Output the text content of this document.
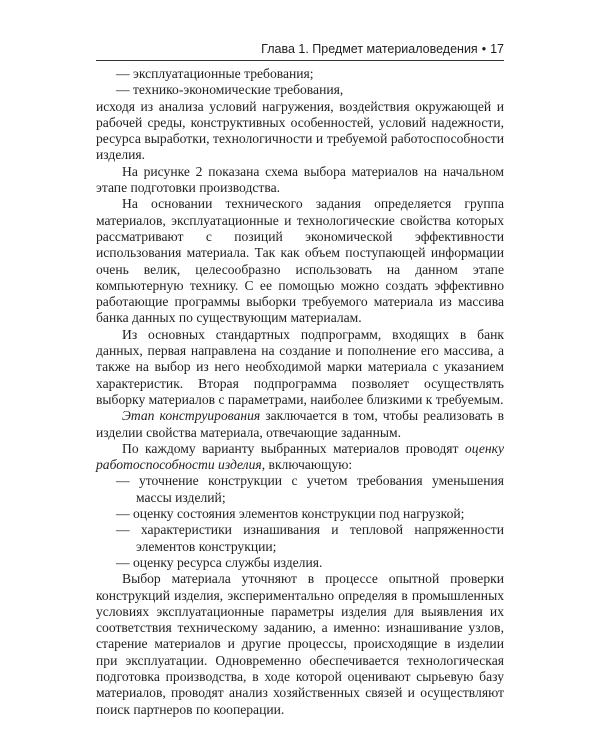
Глава 1. Предмет материаловедения • 17

— эксплуатационные требования;

— технико-экономические требования,

исходя из анализа условий нагружения, воздействия окружающей и рабочей среды, конструктивных особенностей, условий надежности, ресурса выработки, технологичности и требуемой работоспособности изделия.

На рисунке 2 показана схема выбора материалов на начальном этапе подготовки производства.

На основании технического задания определяется группа материалов, эксплуатационные и технологические свойства которых рассматривают с позиций экономической эффективности использования материала. Так как объем поступающей информации очень велик, целесообразно использовать на данном этапе компьютерную технику. С ее помощью можно создать эффективно работающие программы выборки требуемого материала из массива банка данных по существующим материалам.

Из основных стандартных подпрограмм, входящих в банк данных, первая направлена на создание и пополнение его массива, а также на выбор из него необходимой марки материала с указанием характеристик. Вторая подпрограмма позволяет осуществлять выборку материалов с параметрами, наиболее близкими к требуемым.

Этап конструирования заключается в том, чтобы реализовать в изделии свойства материала, отвечающие заданным.

По каждому варианту выбранных материалов проводят оценку работоспособности изделия, включающую:

— уточнение конструкции с учетом требования уменьшения массы изделий;

— оценку состояния элементов конструкции под нагрузкой;

— характеристики изнашивания и тепловой напряженности элементов конструкции;

— оценку ресурса службы изделия.

Выбор материала уточняют в процессе опытной проверки конструкций изделия, экспериментально определяя в промышленных условиях эксплуатационные параметры изделия для выявления их соответствия техническому заданию, а именно: изнашивание узлов, старение материалов и другие процессы, происходящие в изделии при эксплуатации. Одновременно обеспечивается технологическая подготовка производства, в ходе которой оценивают сырьевую базу материалов, проводят анализ хозяйственных связей и осуществляют поиск партнеров по кооперации.
